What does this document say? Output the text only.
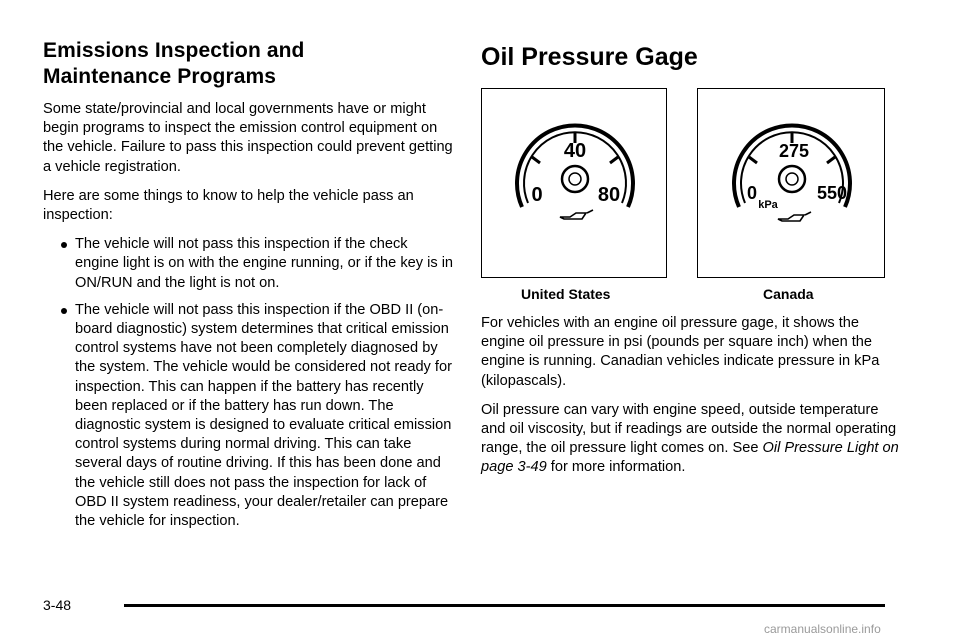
Emissions Inspection and
Maintenance Programs

Some state/provincial and local governments have or might begin programs to inspect the emission control equipment on the vehicle. Failure to pass this inspection could prevent getting a vehicle registration.

Here are some things to know to help the vehicle pass an inspection:

The vehicle will not pass this inspection if the check engine light is on with the engine running, or if the key is in ON/RUN and the light is not on.
The vehicle will not pass this inspection if the OBD II (on-board diagnostic) system determines that critical emission control systems have not been completely diagnosed by the system. The vehicle would be considered not ready for inspection. This can happen if the battery has recently been replaced or if the battery has run down. The diagnostic system is designed to evaluate critical emission control systems during normal driving. This can take several days of routine driving. If this has been done and the vehicle still does not pass the inspection for lack of OBD II system readiness, your dealer/retailer can prepare the vehicle for inspection.
Oil Pressure Gage
40
0	80
United States
275
0	550
kPa
Canada

For vehicles with an engine oil pressure gage, it shows the engine oil pressure in psi (pounds per square inch) when the engine is running. Canadian vehicles indicate pressure in kPa (kilopascals).

Oil pressure can vary with engine speed, outside temperature and oil viscosity, but if readings are outside the normal operating range, the oil pressure light comes on. See Oil Pressure Light on page 3-49 for more information.

3-48
carmanualsonline.info
